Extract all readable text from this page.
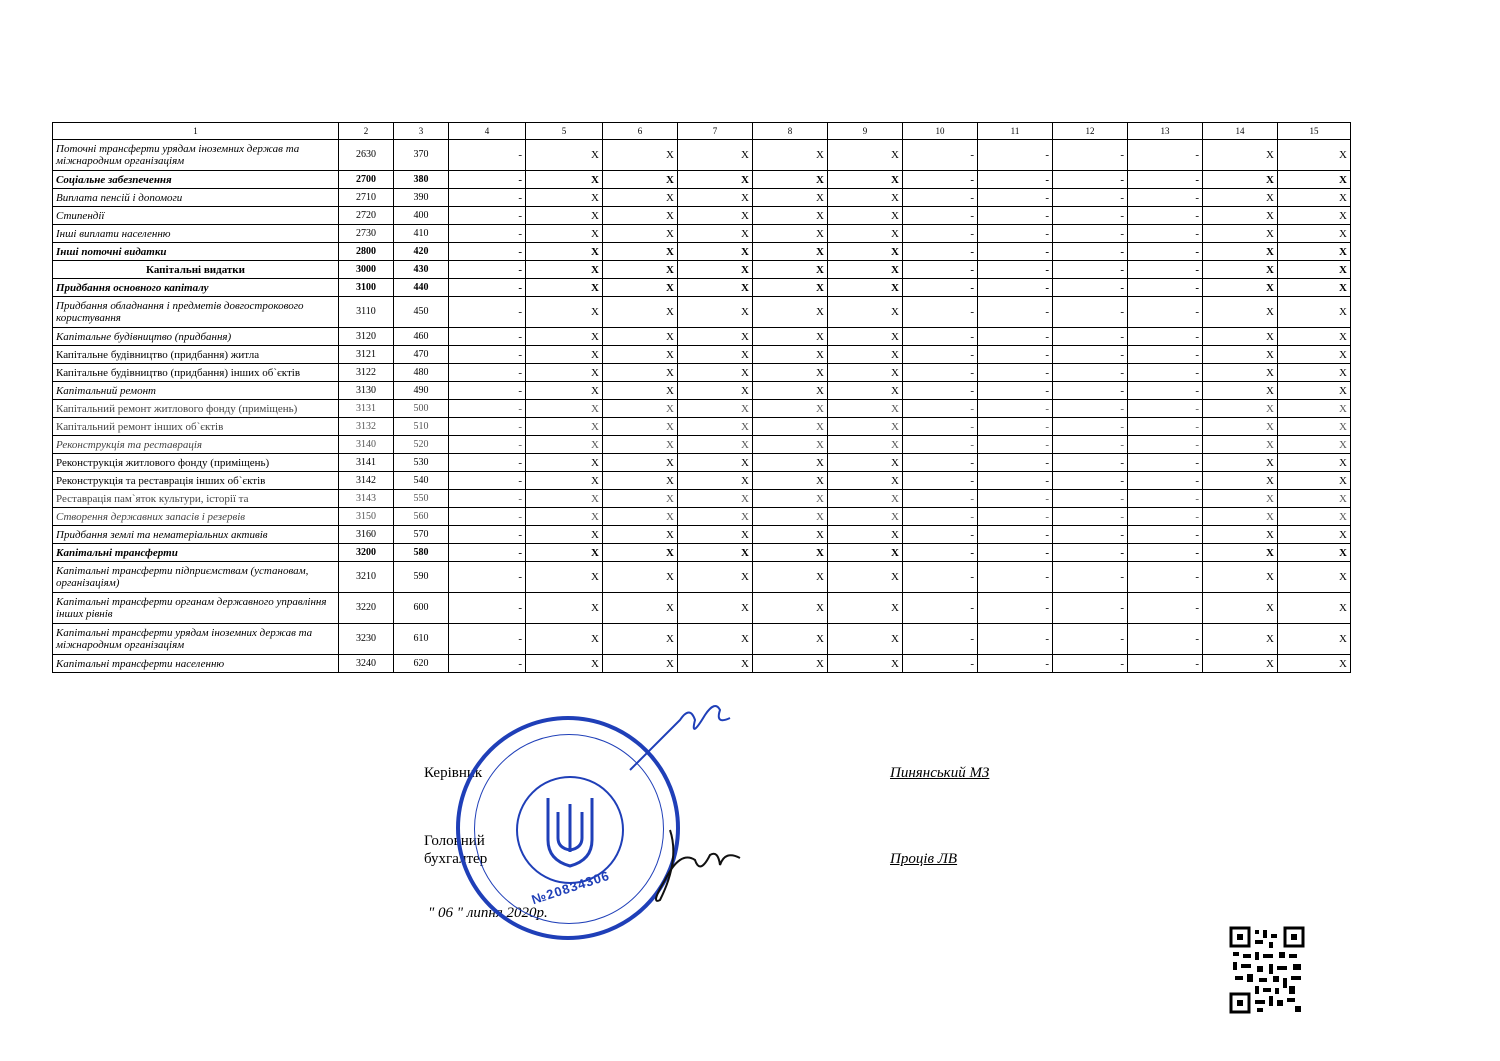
1	2	3	4	5	6	7	8	9	10	11	12	13	14	15
Поточні трансферти урядам іноземних держав та міжнародним організаціям	2630	370	-	X	X	X	X	X	-	-	-	-	X	X
Соціальне забезпечення	2700	380	-	X	X	X	X	X	-	-	-	-	X	X
Виплата пенсій і допомоги	2710	390	-	X	X	X	X	X	-	-	-	-	X	X
Стипендії	2720	400	-	X	X	X	X	X	-	-	-	-	X	X
Інші виплати населенню	2730	410	-	X	X	X	X	X	-	-	-	-	X	X
Інші поточні видатки	2800	420	-	X	X	X	X	X	-	-	-	-	X	X
Капітальні видатки	3000	430	-	X	X	X	X	X	-	-	-	-	X	X
Придбання основного капіталу	3100	440	-	X	X	X	X	X	-	-	-	-	X	X
Придбання обладнання і предметів довгострокового користування	3110	450	-	X	X	X	X	X	-	-	-	-	X	X
Капітальне будівництво (придбання)	3120	460	-	X	X	X	X	X	-	-	-	-	X	X
Капітальне будівництво (придбання) житла	3121	470	-	X	X	X	X	X	-	-	-	-	X	X
Капітальне будівництво (придбання) інших об`єктів	3122	480	-	X	X	X	X	X	-	-	-	-	X	X
Капітальний ремонт	3130	490	-	X	X	X	X	X	-	-	-	-	X	X
Капітальний ремонт житлового фонду (приміщень)	3131	500	-	X	X	X	X	X	-	-	-	-	X	X
Капітальний ремонт інших об`єктів	3132	510	-	X	X	X	X	X	-	-	-	-	X	X
Реконструкція та реставрація	3140	520	-	X	X	X	X	X	-	-	-	-	X	X
Реконструкція житлового фонду (приміщень)	3141	530	-	X	X	X	X	X	-	-	-	-	X	X
Реконструкція та реставрація інших об`єктів	3142	540	-	X	X	X	X	X	-	-	-	-	X	X
Реставрація пам`яток культури, історії та	3143	550	-	X	X	X	X	X	-	-	-	-	X	X
Створення державних запасів і резервів	3150	560	-	X	X	X	X	X	-	-	-	-	X	X
Придбання землі та нематеріальних активів	3160	570	-	X	X	X	X	X	-	-	-	-	X	X
Капітальні трансферти	3200	580	-	X	X	X	X	X	-	-	-	-	X	X
Капітальні трансферти підприємствам (установам, організаціям)	3210	590	-	X	X	X	X	X	-	-	-	-	X	X
Капітальні трансферти органам державного управління інших рівнів	3220	600	-	X	X	X	X	X	-	-	-	-	X	X
Капітальні трансферти урядам іноземних держав та міжнародним організаціям	3230	610	-	X	X	X	X	X	-	-	-	-	X	X
Капітальні трансферти населенню	3240	620	-	X	X	X	X	X	-	-	-	-	X	X
Керівник	Пинянський МЗ
Головний
бухгалтер	Проців ЛВ
" 06 " липня 2020р.
№20834306
